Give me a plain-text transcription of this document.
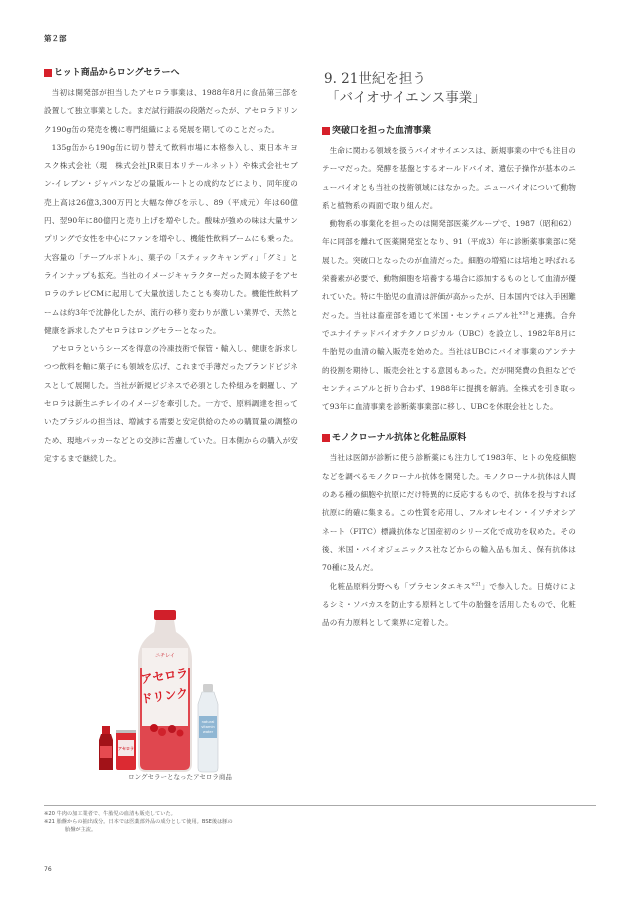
第２部
ヒット商品からロングセラーへ

当初は開発部が担当したアセロラ事業は、1988年8月に食品第三部を設置して独立事業とした。まだ試行錯誤の段階だったが、アセロラドリンク190g缶の発売を機に専門組織による発展を期してのことだった。

135g缶から190g缶に切り替えて飲料市場に本格参入し、東日本キヨスク株式会社（現　株式会社JR東日本リテールネット）や株式会社セブン-イレブン・ジャパンなどの量販ルートとの成約などにより、同年度の売上高は26億3,300万円と大幅な伸びを示し、89（平成元）年は60億円、翌90年に80億円と売り上げを増やした。酸味が強めの味は大量サンプリングで女性を中心にファンを増やし、機能性飲料ブームにも乗った。大容量の「テーブルボトル」、菓子の「スティックキャンディ」「グミ」とラインナップも拡充。当社のイメージキャラクターだった岡本綾子をアセロラのテレビCMに起用して大量放送したことも奏功した。機能性飲料ブームは約3年で沈静化したが、流行の移り変わりが激しい業界で、天然と健康を訴求したアセロラはロングセラーとなった。

アセロラというシーズを得意の冷凍技術で保管・輸入し、健康を訴求しつつ飲料を軸に菓子にも領域を広げ、これまで手薄だったブランドビジネスとして展開した。当社が新規ビジネスで必須とした枠組みを網羅し、アセロラは新生ニチレイのイメージを牽引した。一方で、原料調達を担っていたブラジルの担当は、増減する需要と安定供給のための購買量の調整のため、現地パッカーなどとの交渉に苦慮していた。日本側からの購入が安定するまで継続した。

ニチレイ
アセロラ
ドリンク
natural
vitamin
water
アセロラ
ロングセラーとなったアセロラ商品
9. 21世紀を担う
「バイオサイエンス事業」
突破口を担った血清事業

生命に関わる領域を扱うバイオサイエンスは、新規事業の中でも注目のテーマだった。発酵を基盤とするオールドバイオ、遺伝子操作が基本のニューバイオとも当社の技術領域にはなかった。ニューバイオについて動物系と植物系の両面で取り組んだ。

動物系の事業化を担ったのは開発部医薬グループで、1987（昭和62）年に同部を離れて医薬開発室となり、91（平成3）年に診断薬事業部に発展した。突破口となったのが血清だった。細胞の増殖には培地と呼ばれる栄養素が必要で、動物細胞を培養する場合に添加するものとして血清が優れていた。特に牛胎児の血清は評価が高かったが、日本国内では入手困難だった。当社は畜産部を通じて米国・センティニアル社$^{※20}$と連携。合弁でユナイテッドバイオテクノロジカル（UBC）を設立し、1982年8月に牛胎児の血清の輸入販売を始めた。当社はUBCにバイオ事業のアンテナ的役割を期待し、販売会社とする意図もあった。だが開発費の負担などでセンティニアルと折り合わず、1988年に提携を解消。全株式を引き取って93年に血清事業を診断薬事業部に移し、UBCを休眠会社とした。

モノクローナル抗体と化粧品原料

当社は医師が診断に使う診断薬にも注力して1983年、ヒトの免疫細胞などを調べるモノクローナル抗体を開発した。モノクローナル抗体は人間のある種の細胞や抗原にだけ特異的に反応するもので、抗体を投与すれば抗原に的確に集まる。この性質を応用し、フルオレセイン・イソチオシアネート（FITC）標識抗体など国産初のシリーズ化で成功を収めた。その後、米国・バイオジェニックス社などからの輸入品も加え、保有抗体は70種に及んだ。

化粧品原料分野へも「プラセンタエキス$^{※21}$」で参入した。日焼けによるシミ・ソバカスを防止する原料として牛の胎盤を活用したもので、化粧品の有力原料として業界に定着した。

※20 牛肉の加工業者で、牛胎児の血清も販売していた。

※21 胎盤からの抽出成分。日本では医薬部外品の成分として使用。BSE後は豚の

胎盤が主流。

76
